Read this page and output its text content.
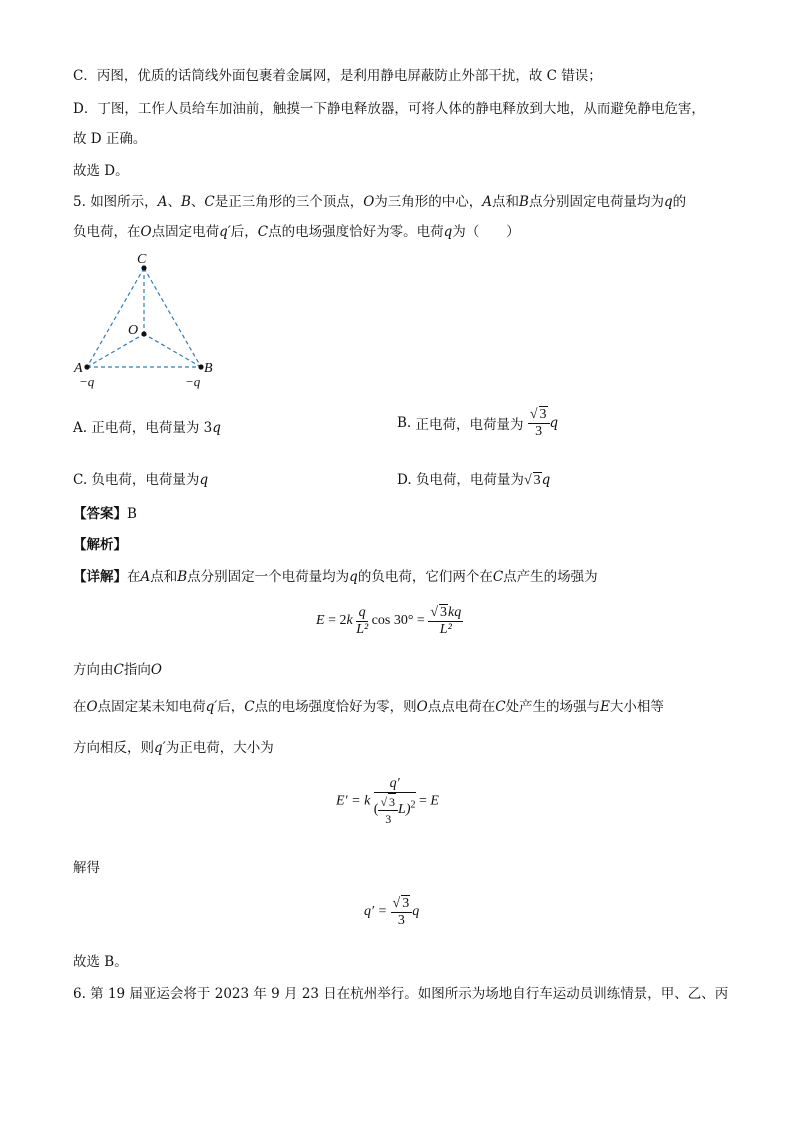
C．丙图，优质的话筒线外面包裹着金属网，是利用静电屏蔽防止外部干扰，故 C 错误；
D．丁图，工作人员给车加油前，触摸一下静电释放器，可将人体的静电释放到大地，从而避免静电危害，
故 D 正确。
故选 D。
5. 如图所示，A、B、C是正三角形的三个顶点，O为三角形的中心，A点和B点分别固定电荷量均为q的
负电荷，在O点固定电荷q′后，C点的电场强度恰好为零。电荷q为（　　）
C
O
A	B
−q	−q
A. 正电荷，电荷量为 3q	B. 正电荷，电荷量为 $\frac{√ 3}{3}$ q
C. 负电荷，电荷量为q	D. 负电荷，电荷量为√ 3q
【答案】B
【解析】
【详解】在A点和B点分别固定一个电荷量均为q的负电荷，它们两个在C点产生的场强为
$E = 2k \frac{q}{\text{L²}}$ $\cos 30^\circ = \frac{√ 3kq}{\text{L²}}$
方向由C指向O
在O点固定某未知电荷q′后，C点的电场强度恰好为零，则O点点电荷在C处产生的场强与E大小相等
方向相反，则q′为正电荷，大小为
E′ = k $\frac{q'}{( \frac{√ 3}{3} L)^2} = E$
解得
$q' = \frac{√ 3}{3}$ q
故选 B。
6. 第 19 届亚运会将于 2023 年 9 月 23 日在杭州举行。如图所示为场地自行车运动员训练情景，甲、乙、丙
